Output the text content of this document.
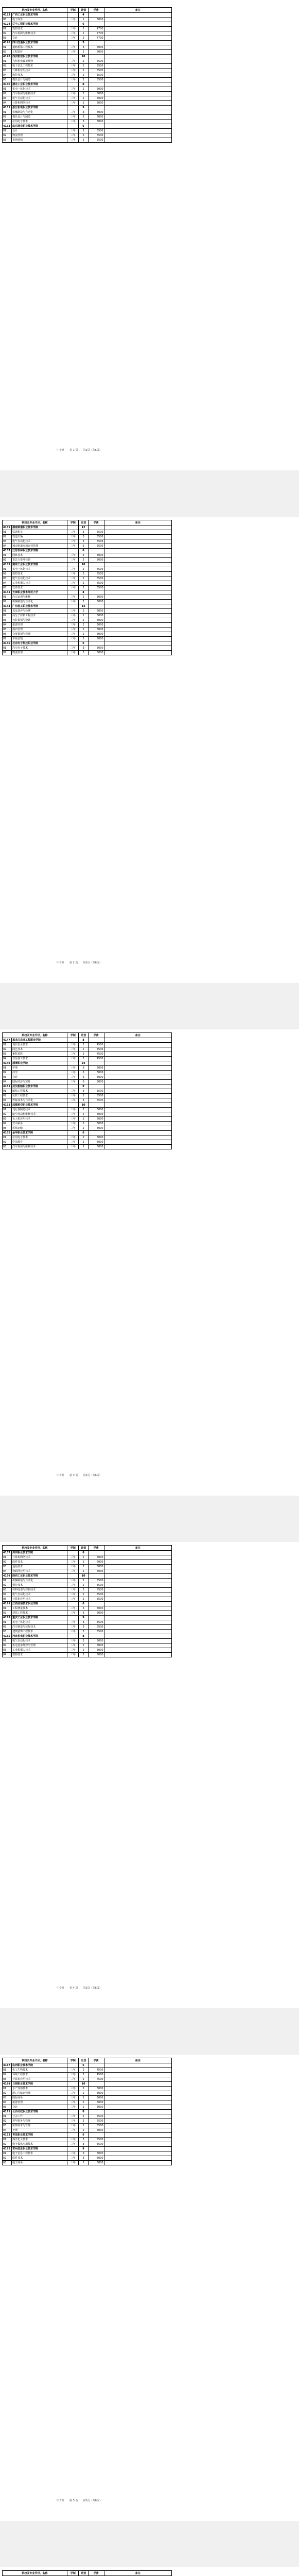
院校及专业代号、名称		学制	计划	学费	备注
4123	广西工业职业技术学院		4		
08	电子商务	三年	1	6000	
4124	辽宁工程职业技术学院		6		
01	数控技术	三年	2	4700	
02	汽车检测与维修技术	三年	2	4700	
03	会计	三年	2	4700	
4126	四川交通职业技术学院		5		
01	道路桥梁工程技术	三年	3	6000	
02	工程造价	三年	2	6000	
4128	西安航空职业技术学院		10		
01	飞机机电设备维修	三年	2	6500	
02	电子信息工程技术	三年	2	5500	
03	计算机应用技术	三年	2	5500	
04	数控技术	三年	2	5500	
05	模具设计与制造	三年	2	5500	
4130	湖北工业职业技术学院		8		
01	机电一体化技术	三年	2	5000	
02	汽车检测与维修技术	三年	2	5000	
03	电气自动化技术	三年	2	5000	
04	计算机网络技术	三年	2	5000	
4131	浙江机电职业技术学院		9		
01	机械制造与自动化	三年	3	6000	
02	模具设计与制造	三年	3	6000	
03	应用电子技术	三年	3	6000	
4133	山东商业职业技术学院		6		
01	会计	三年	2	5500	
02	物流管理	三年	2	5500	
03	市场营销	三年	2	5500	
中专升 第 1 页 第2页（共6页）
院校及专业代号、名称		学制	计划	学费	备注
4135	湖南铁道职业技术学院		12		
01	铁道机车	三年	3	5500	
02	铁道车辆	三年	3	5500	
03	电气自动化技术	三年	3	5500	
04	城市轨道交通运营管理	三年	3	5500	
4137	江苏农林职业技术学院		6		
01	园林技术	三年	3	5000	
02	茶艺与茶叶营销	三年	3	5000	
4139	南京工业职业技术学院		10		
01	机电一体化技术	三年	2	6500	
02	数控技术	三年	2	6500	
03	电气自动化技术	三年	2	6500	
04	工业机器人技术	三年	2	6500	
05	软件技术	三年	2	6500	
4141	天津职业技术师范大学		4		
01	汽车运用与维修	三年	2	5000	
02	机械制造与自动化	三年	2	5000	
4143	广东轻工职业技术学院		14		
01	食品营养与检测	三年	2	6000	
02	高分子材料工程技术	三年	2	6000	
03	包装策划与设计	三年	2	6000	
04	旅游管理	三年	2	6000	
05	酒店管理	三年	2	6000	
06	会展策划与管理	三年	2	6000	
07	市场营销	三年	2	6000	
4145	北京电子科技职业学院		6		
01	汽车电子技术	三年	3	5000	
02	物流管理	三年	3	5000	
中专升 第 2 页 第2页（共6页）
院校及专业代号、名称		学制	计划	学费	备注
4147	黑龙江农业工程职业学院		8		
01	现代农业技术	三年	2	4500	
02	园艺技术	三年	2	4500	
03	畜牧兽医	三年	2	4500	
04	食品加工技术	三年	2	4500	
4149	淄博职业学院		24		
01	护理	三年	6	6000	
02	药学	三年	6	6000	
03	会计	三年	6	5000	
04	国际经济与贸易	三年	6	5000	
4151	武汉船舶职业技术学院		9		
01	船舶工程技术	三年	3	5500	
02	轮机工程技术	三年	3	5500	
03	焊接技术与自动化	三年	3	5500	
4153	成都航空职业技术学院		10		
01	飞行器制造技术	三年	2	6000	
02	航空发动机维修技术	三年	2	6000	
03	无人机应用技术	三年	2	6000	
04	空中乘务	三年	2	6000	
05	民航运输	三年	2	6000	
4155	金华职业技术学院		6		
01	应用电子技术	三年	2	6000	
02	学前教育	三年	2	6000	
03	汽车检测与维修技术	三年	2	6000	
中专升 第 3 页 第2页（共6页）
院校及专业代号、名称		学制	计划	学费	备注
4157	深圳职业技术学院		8		
01	计算机网络技术	三年	2	6000	
02	软件技术	三年	2	6000	
03	通信技术	三年	2	6000	
04	物联网应用技术	三年	2	6000	
4159	陕西工业职业技术学院		10		
01	机械制造与自动化	三年	2	5500	
02	数控技术	三年	2	5500	
03	材料成型与控制技术	三年	2	5500	
04	电气自动化技术	三年	2	5500	
05	计算机应用技术	三年	2	5500	
4161	江西应用技术职业学院		6		
01	工程测量技术	三年	3	5000	
02	建筑工程技术	三年	3	5000	
4163	重庆工业职业技术学院		9		
01	机电一体化技术	三年	3	5500	
02	汽车制造与装配技术	三年	3	5500	
03	建筑装饰工程技术	三年	3	5500	
4165	河北机电职业技术学院		8		
01	电气自动化技术	三年	2	5000	
02	机电设备维修与管理	三年	2	5000	
03	工业机器人技术	三年	2	5000	
04	数控技术	三年	2	5000	
中专升 第 4 页 第2页（共6页）
院校及专业代号、名称		学制	计划	学费	备注
4167	山西职业技术学院		6		
01	化工生物技术	三年	2	4500	
02	环境工程技术	三年	2	4500	
03	计算机应用技术	三年	2	4500	
4169	日照职业技术学院		10		
01	水产养殖技术	三年	2	5000	
02	港口与航运管理	三年	2	5000	
03	国际商务	三年	2	5000	
04	旅游管理	三年	2	5000	
05	会计	三年	2	5000	
4171	长沙民政职业技术学院		8		
01	社会工作	三年	2	5500	
02	老年服务与管理	三年	2	5500	
03	殡葬技术与管理	三年	2	5500	
04	护理	三年	2	6000	
4173	青岛职业技术学院		6		
01	海洋化工技术	三年	3	5500	
02	数字媒体应用技术	三年	3	5500	
4175	常州信息职业技术学院		9		
01	电子信息工程技术	三年	3	6000	
02	软件技术	三年	3	6000	
03	电子商务	三年	3	6000	
中专升 第 5 页 第2页（共6页）
院校及专业代号、名称		学制	计划	学费	备注
